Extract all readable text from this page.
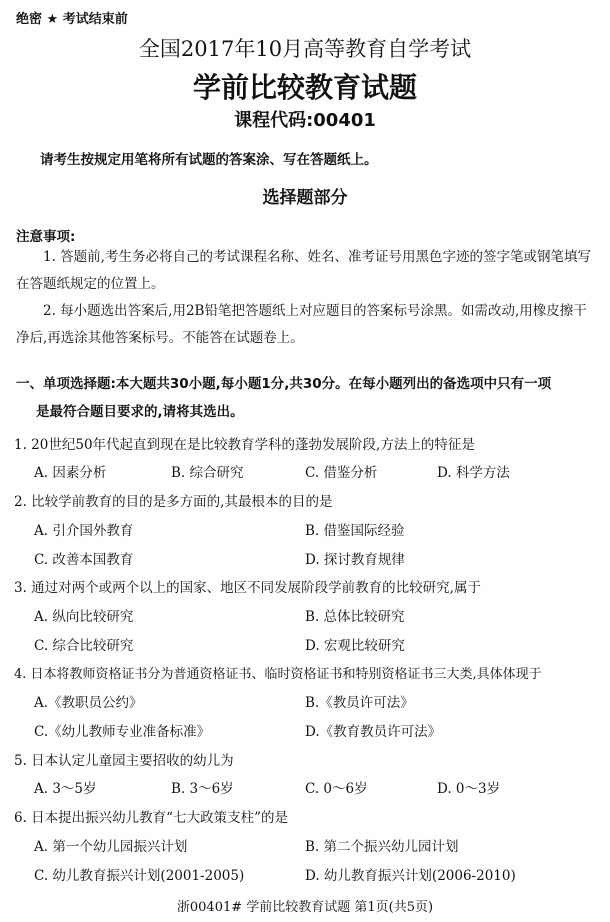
绝密 ★ 考试结束前
全国2017年10月高等教育自学考试
学前比较教育试题
课程代码:00401
请考生按规定用笔将所有试题的答案涂、写在答题纸上。
选择题部分
注意事项:
1. 答题前,考生务必将自己的考试课程名称、姓名、准考证号用黑色字迹的签字笔或钢笔填写在答题纸规定的位置上。
2. 每小题选出答案后,用2B铅笔把答题纸上对应题目的答案标号涂黑。如需改动,用橡皮擦干净后,再选涂其他答案标号。不能答在试题卷上。
一、单项选择题:本大题共30小题,每小题1分,共30分。在每小题列出的备选项中只有一项
是最符合题目要求的,请将其选出。
1. 20世纪50年代起直到现在是比较教育学科的蓬勃发展阶段,方法上的特征是
A. 因素分析	B. 综合研究	C. 借鉴分析	D. 科学方法
2. 比较学前教育的目的是多方面的,其最根本的目的是
A. 引介国外教育	B. 借鉴国际经验
C. 改善本国教育	D. 探讨教育规律
3. 通过对两个或两个以上的国家、地区不同发展阶段学前教育的比较研究,属于
A. 纵向比较研究	B. 总体比较研究
C. 综合比较研究	D. 宏观比较研究
4. 日本将教师资格证书分为普通资格证书、临时资格证书和特别资格证书三大类,具体体现于
A.《教职员公约》	B.《教员许可法》
C.《幼儿教师专业准备标准》	D.《教育教员许可法》
5. 日本认定儿童园主要招收的幼儿为
A. 3～5岁	B. 3～6岁	C. 0～6岁	D. 0～3岁
6. 日本提出振兴幼儿教育“七大政策支柱”的是
A. 第一个幼儿园振兴计划	B. 第二个振兴幼儿园计划
C. 幼儿教育振兴计划(2001-2005)	D. 幼儿教育振兴计划(2006-2010)
浙00401# 学前比较教育试题 第1页(共5页)
